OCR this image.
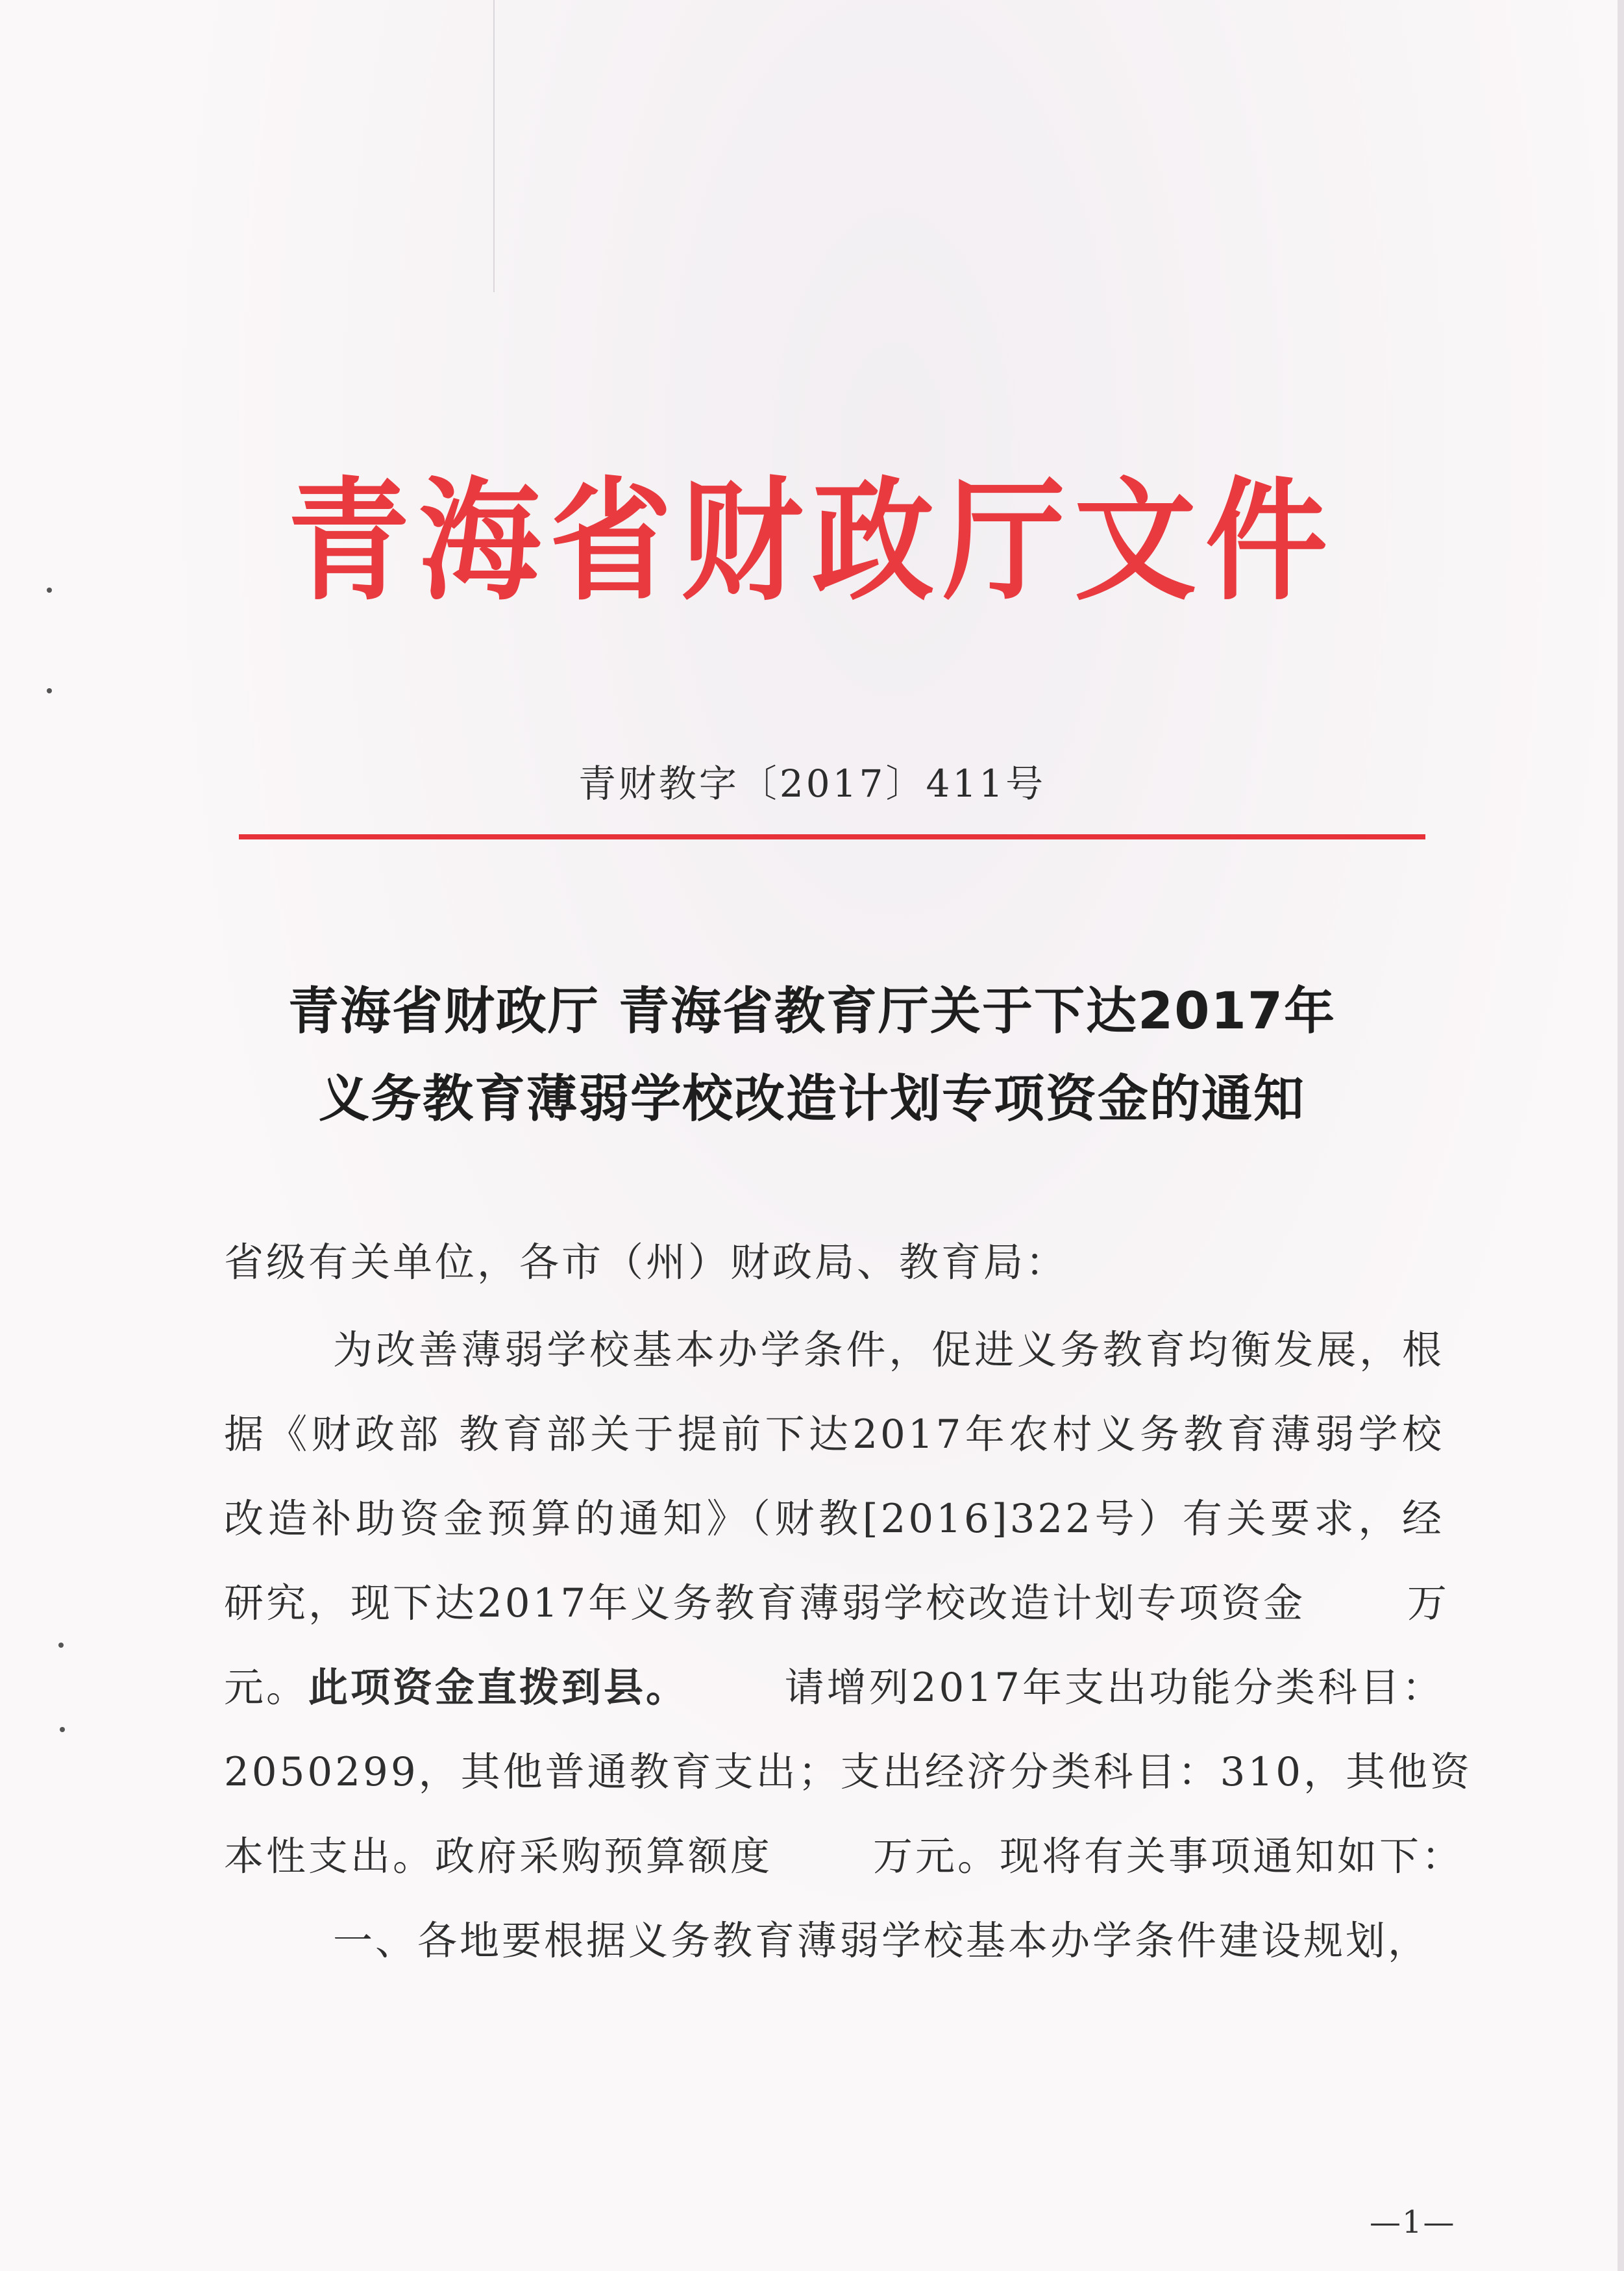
青海省财政厅文件
青财教字〔2017〕411号
青海省财政厅 青海省教育厅关于下达2017年
义务教育薄弱学校改造计划专项资金的通知
省级有关单位，各市（州）财政局、教育局：
为改善薄弱学校基本办学条件，促进义务教育均衡发展，根
据《财政部 教育部关于提前下达2017年农村义务教育薄弱学校
改造补助资金预算的通知》（财教[2016]322号）有关要求，经
研究，现下达2017年义务教育薄弱学校改造计划专项资金	万
元。此项资金直拨到县。 请增列2017年支出功能分类科目：
2050299，其他普通教育支出；支出经济分类科目：310，其他资
本性支出。政府采购预算额度	万元。现将有关事项通知如下：
一、各地要根据义务教育薄弱学校基本办学条件建设规划，
—1—
